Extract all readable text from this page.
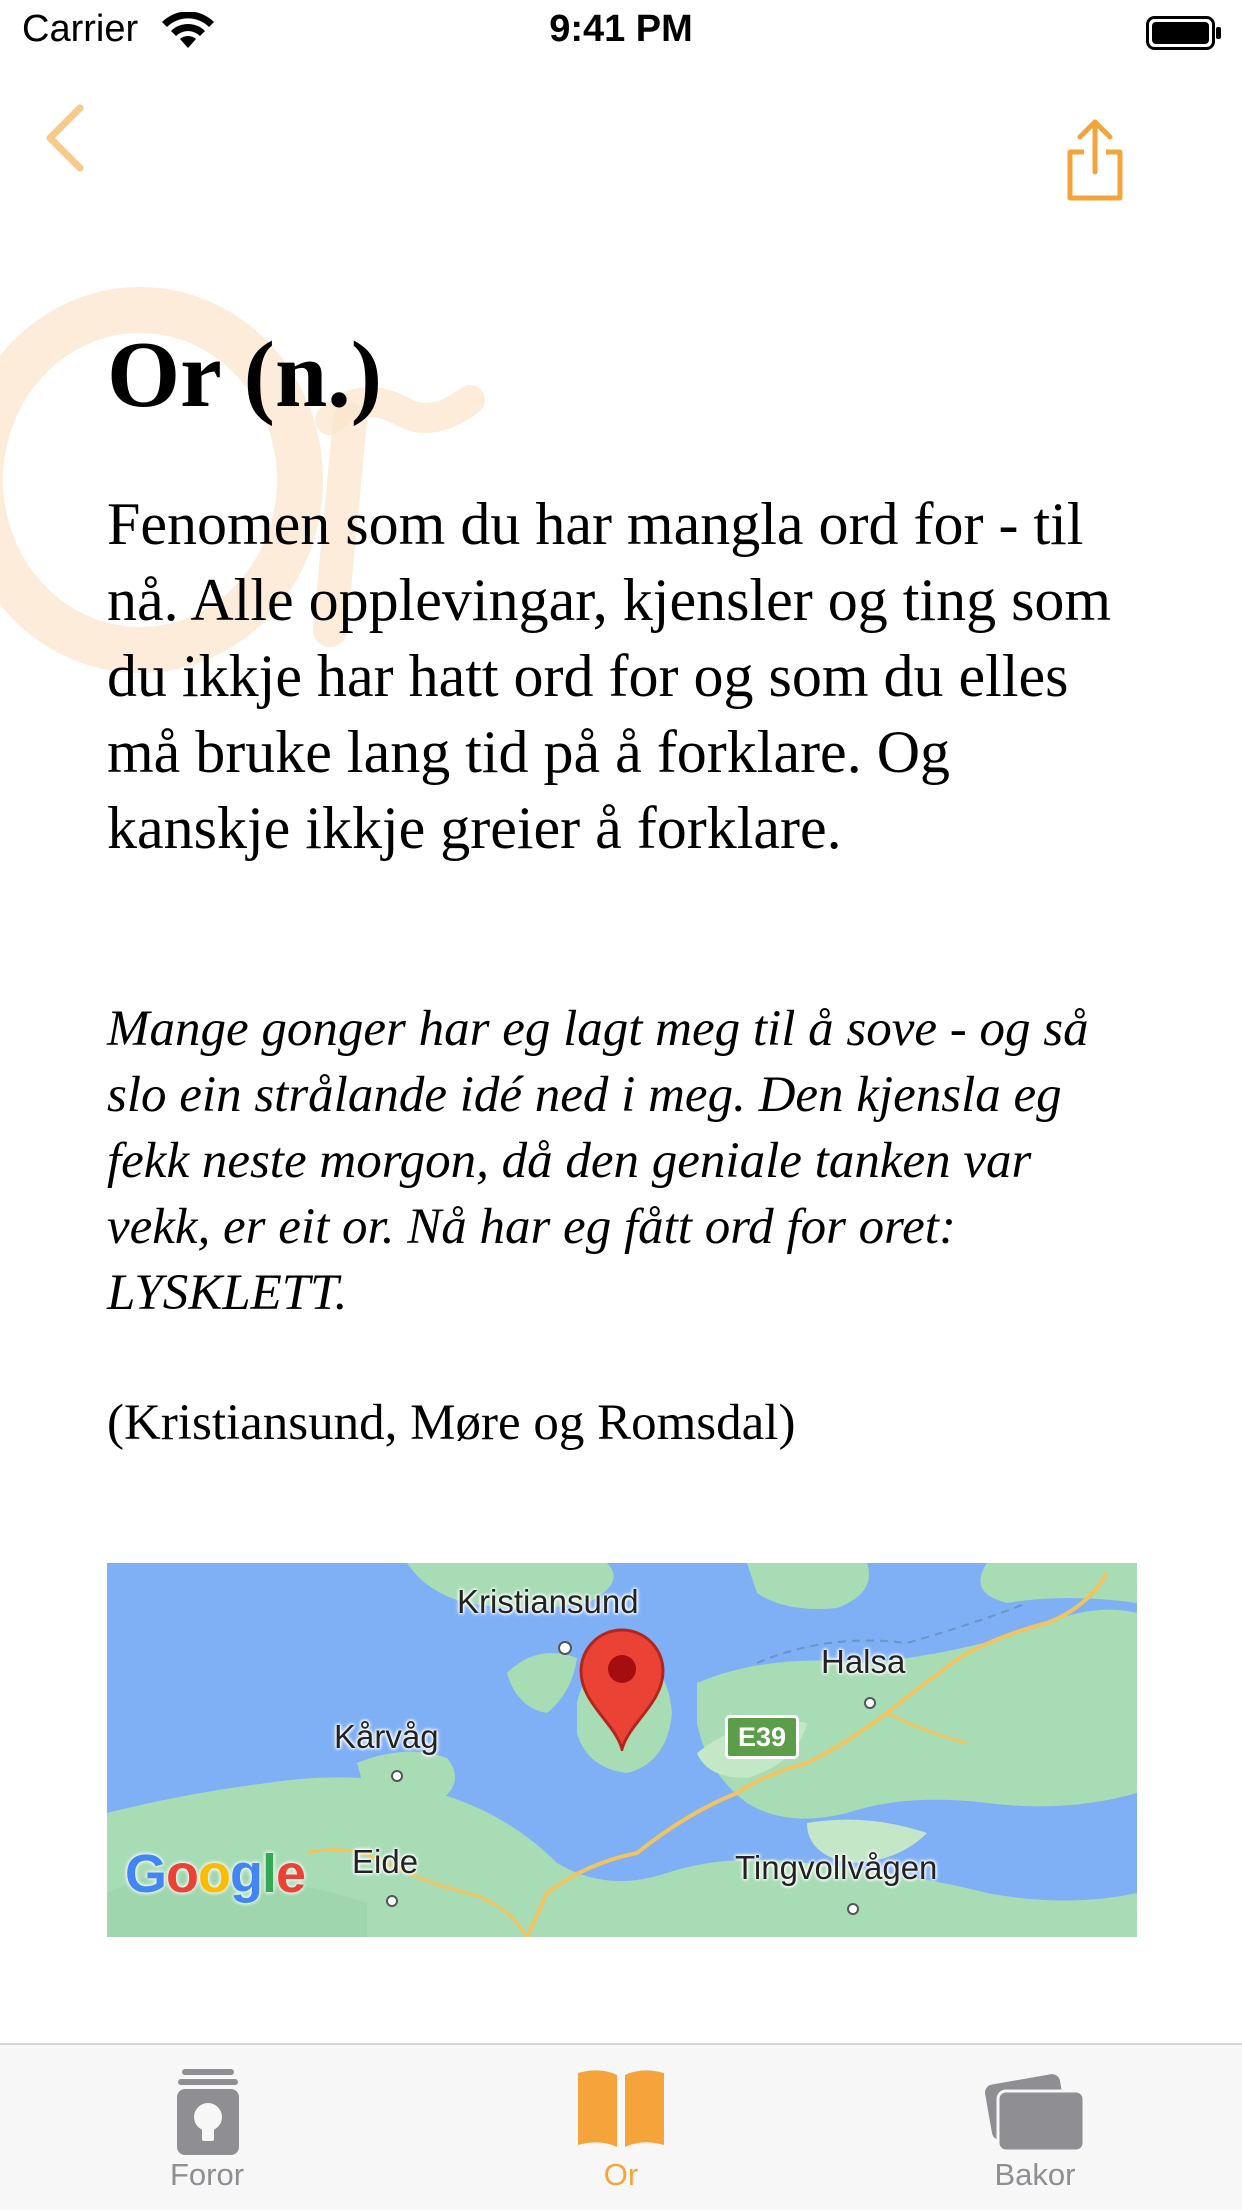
Carrier	9:41 PM
Or (n.)

Fenomen som du har mangla ord for - til nå. Alle opplevingar, kjensler og ting som du ikkje har hatt ord for og som du elles må bruke lang tid på å forklare. Og kanskje ikkje greier å forklare.

Mange gonger har eg lagt meg til å sove - og så slo ein strålande idé ned i meg. Den kjensla eg fekk neste morgon, då den geniale tanken var vekk, er eit or. Nå har eg fått ord for oret: LYSKLETT.

(Kristiansund, Møre og Romsdal)

Kristiansund
Halsa
Kårvåg
Eide	Tingvollvågen
E39
Google
Foror	Or	Bakor
